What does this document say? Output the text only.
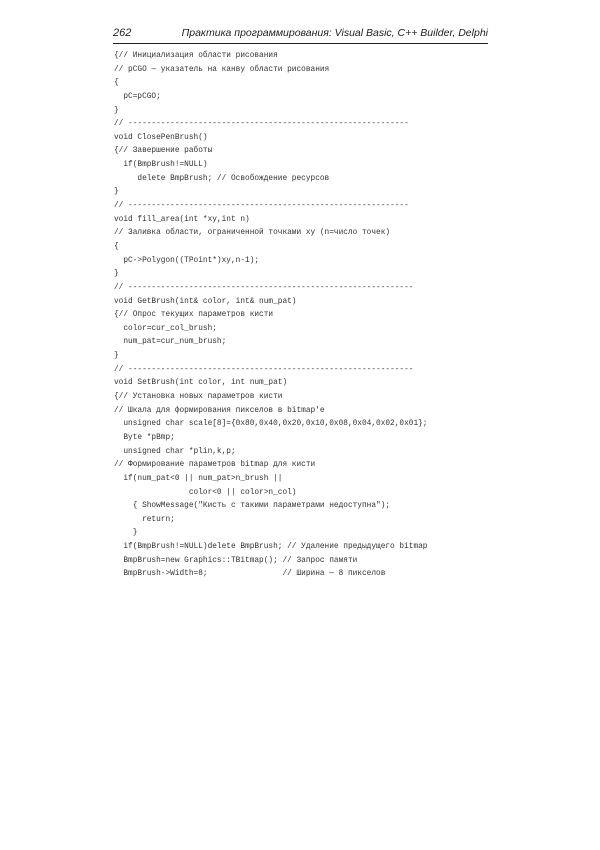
262	Практика программирования: Visual Basic, C++ Builder, Delphi
{// Инициализация области рисования
// pCGO — указатель на канву области рисования
{
pC=pCGO;
}
// ------------------------------------------------------------
void ClosePenBrush()
{// Завершение работы
if(BmpBrush!=NULL)
delete BmpBrush; // Освобождение ресурсов
}
// ------------------------------------------------------------
void fill_area(int *xy,int n)
// Заливка области, ограниченной точками xy (n=число точек)
{
pC->Polygon((TPoint*)xy,n-1);
}
// -------------------------------------------------------------
void GetBrush(int& color, int& num_pat)
{// Опрос текущих параметров кисти
color=cur_col_brush;
num_pat=cur_num_brush;
}
// -------------------------------------------------------------
void SetBrush(int color, int num_pat)
{// Установка новых параметров кисти
// Шкала для формирования пикселов в bitmap'е
unsigned char scale[8]={0x80,0x40,0x20,0x10,0x08,0x04,0x02,0x01};
Byte *pBmp;
unsigned char *plin,k,p;
// Формирование параметров bitmap для кисти
if(num_pat<0 || num_pat>n_brush ||
color<0 || color>n_col)
{ ShowMessage("Кисть с такими параметрами недоступна");
return;
}
if(BmpBrush!=NULL)delete BmpBrush; // Удаление предыдущего bitmap
BmpBrush=new Graphics::TBitmap(); // Запрос памяти
BmpBrush->Width=8;                // Ширина — 8 пикселов
